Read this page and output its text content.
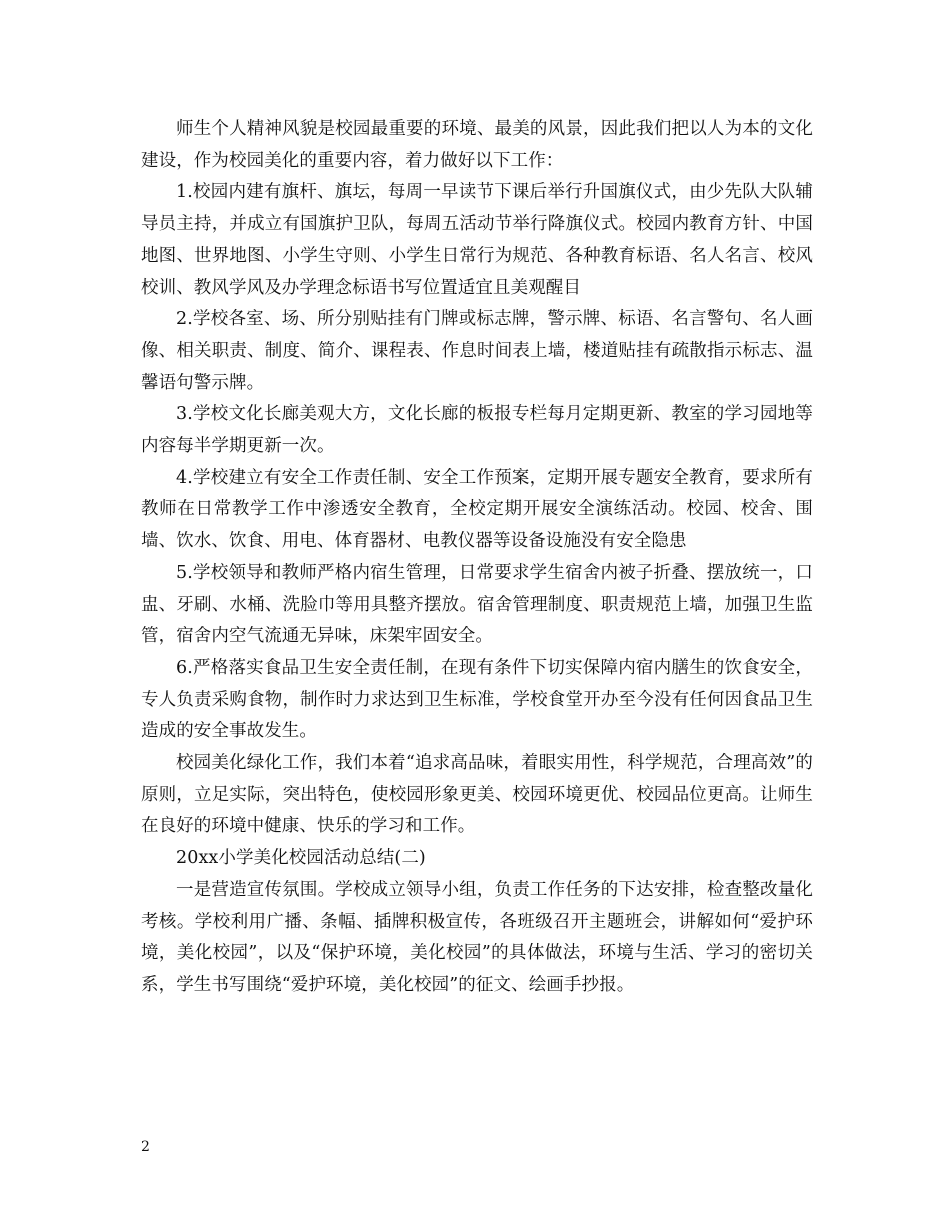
师生个人精神风貌是校园最重要的环境、最美的风景，因此我们把以人为本的文化建设，作为校园美化的重要内容，着力做好以下工作：

1.校园内建有旗杆、旗坛，每周一早读节下课后举行升国旗仪式，由少先队大队辅导员主持，并成立有国旗护卫队，每周五活动节举行降旗仪式。校园内教育方针、中国地图、世界地图、小学生守则、小学生日常行为规范、各种教育标语、名人名言、校风校训、教风学风及办学理念标语书写位置适宜且美观醒目

2.学校各室、场、所分别贴挂有门牌或标志牌，警示牌、标语、名言警句、名人画像、相关职责、制度、简介、课程表、作息时间表上墙，楼道贴挂有疏散指示标志、温馨语句警示牌。

3.学校文化长廊美观大方，文化长廊的板报专栏每月定期更新、教室的学习园地等内容每半学期更新一次。

4.学校建立有安全工作责任制、安全工作预案，定期开展专题安全教育，要求所有教师在日常教学工作中渗透安全教育，全校定期开展安全演练活动。校园、校舍、围墙、饮水、饮食、用电、体育器材、电教仪器等设备设施没有安全隐患

5.学校领导和教师严格内宿生管理，日常要求学生宿舍内被子折叠、摆放统一，口盅、牙刷、水桶、洗脸巾等用具整齐摆放。宿舍管理制度、职责规范上墙，加强卫生监管，宿舍内空气流通无异味，床架牢固安全。

6.严格落实食品卫生安全责任制，在现有条件下切实保障内宿内膳生的饮食安全，专人负责采购食物，制作时力求达到卫生标准，学校食堂开办至今没有任何因食品卫生造成的安全事故发生。

校园美化绿化工作，我们本着“追求高品味，着眼实用性，科学规范，合理高效”的原则，立足实际，突出特色，使校园形象更美、校园环境更优、校园品位更高。让师生在良好的环境中健康、快乐的学习和工作。

20xx小学美化校园活动总结(二)

一是营造宣传氛围。学校成立领导小组，负责工作任务的下达安排，检查整改量化考核。学校利用广播、条幅、插牌积极宣传，各班级召开主题班会，讲解如何“爱护环境，美化校园”，以及“保护环境，美化校园”的具体做法，环境与生活、学习的密切关系，学生书写围绕“爱护环境，美化校园”的征文、绘画手抄报。

2
